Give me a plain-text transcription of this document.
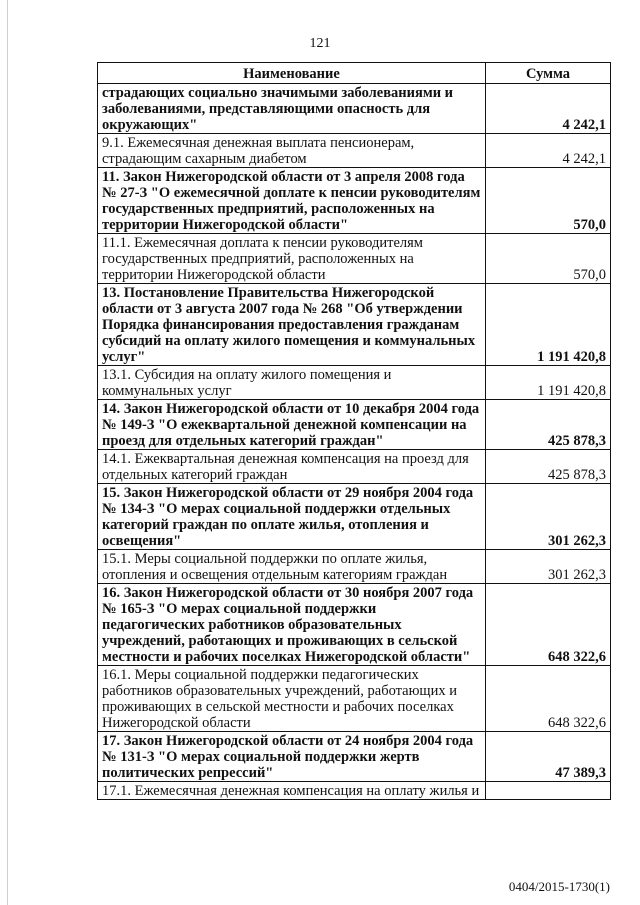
121
Наименование	Сумма
страдающих социально значимыми заболеваниями и заболеваниями, представляющими опасность для окружающих"	4 242,1
9.1. Ежемесячная денежная выплата пенсионерам, страдающим сахарным диабетом	4 242,1
11. Закон Нижегородской области от 3 апреля 2008 года № 27-З "О ежемесячной доплате к пенсии руководителям государственных предприятий, расположенных на территории Нижегородской области"	570,0
11.1. Ежемесячная доплата к пенсии руководителям государственных предприятий, расположенных на территории Нижегородской области	570,0
13. Постановление Правительства Нижегородской области от 3 августа 2007 года № 268 "Об утверждении Порядка финансирования предоставления гражданам субсидий на оплату жилого помещения и коммунальных услуг"	1 191 420,8
13.1. Субсидия на оплату жилого помещения и коммунальных услуг	1 191 420,8
14. Закон Нижегородской области от 10 декабря 2004 года № 149-З "О ежеквартальной денежной компенсации на проезд для отдельных категорий граждан"	425 878,3
14.1. Ежеквартальная денежная компенсация на проезд для отдельных категорий граждан	425 878,3
15. Закон Нижегородской области от 29 ноября 2004 года № 134-З "О мерах социальной поддержки отдельных категорий граждан по оплате жилья, отопления и освещения"	301 262,3
15.1. Меры социальной поддержки по оплате жилья, отопления и освещения отдельным категориям граждан	301 262,3
16. Закон Нижегородской области от 30 ноября 2007 года № 165-З "О мерах социальной поддержки педагогических работников образовательных учреждений, работающих и проживающих в сельской местности и рабочих поселках Нижегородской области"	648 322,6
16.1. Меры социальной поддержки педагогических работников образовательных учреждений, работающих и проживающих в сельской местности и рабочих поселках Нижегородской области	648 322,6
17. Закон Нижегородской области от 24 ноября 2004 года № 131-З "О мерах социальной поддержки жертв политических репрессий"	47 389,3
17.1. Ежемесячная денежная компенсация на оплату жилья и	
0404/2015-1730(1)
